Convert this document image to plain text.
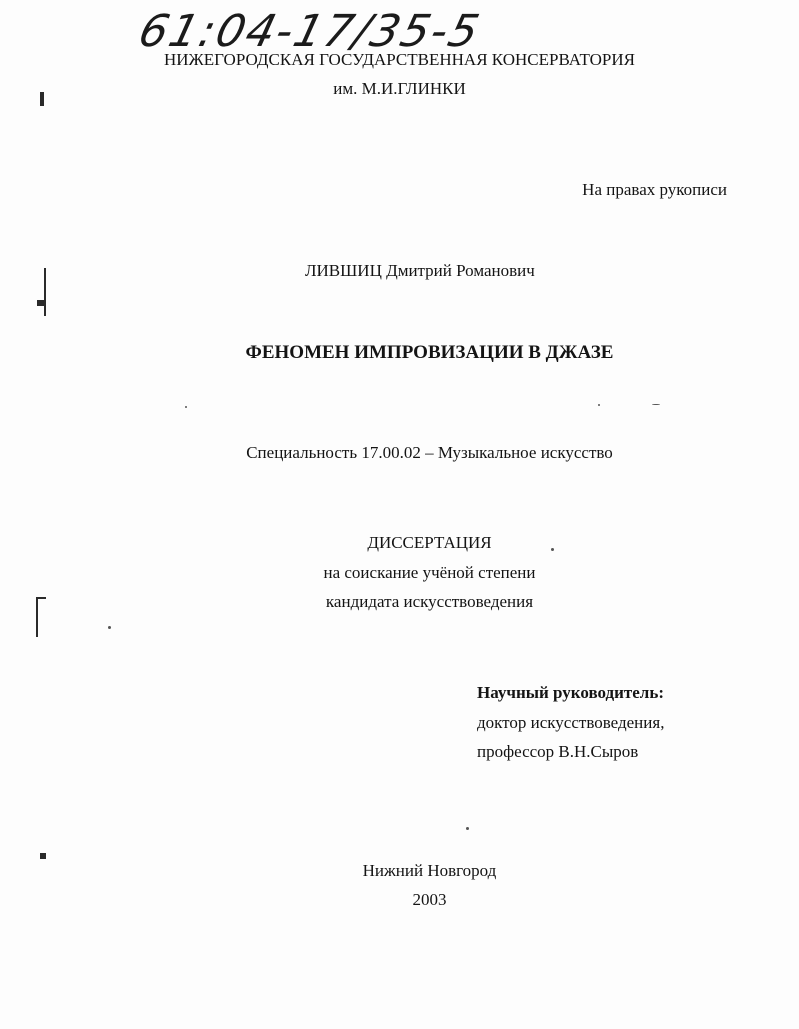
61:04-17/35-5
НИЖЕГОРОДСКАЯ ГОСУДАРСТВЕННАЯ КОНСЕРВАТОРИЯ
им. М.И.ГЛИНКИ
На правах рукописи
ЛИВШИЦ Дмитрий Романович
ФЕНОМЕН ИМПРОВИЗАЦИИ В ДЖАЗЕ
Специальность 17.00.02 – Музыкальное искусство
ДИССЕРТАЦИЯ
на соискание учёной степени
кандидата искусствоведения
Научный руководитель:
доктор искусствоведения,
профессор В.Н.Сыров
Нижний Новгород
2003
